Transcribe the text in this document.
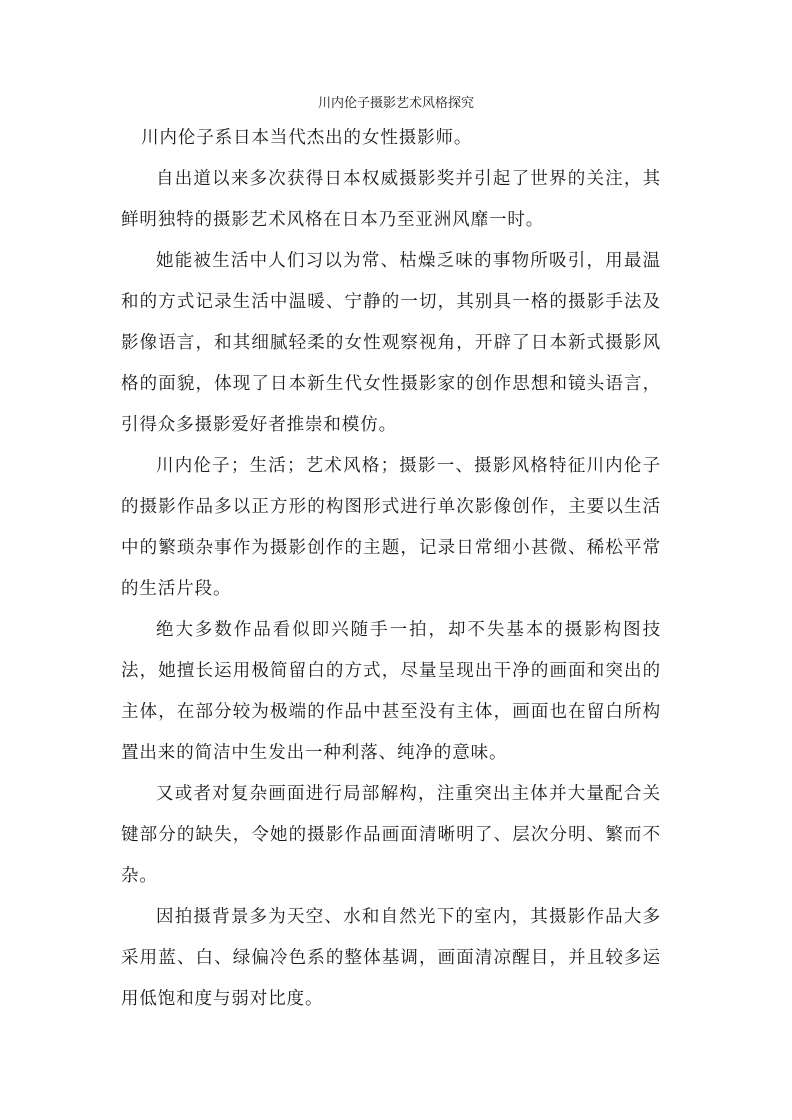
川内伦子摄影艺术风格探究

川内伦子系日本当代杰出的女性摄影师。

自出道以来多次获得日本权威摄影奖并引起了世界的关注，其鲜明独特的摄影艺术风格在日本乃至亚洲风靡一时。

她能被生活中人们习以为常、枯燥乏味的事物所吸引，用最温和的方式记录生活中温暖、宁静的一切，其别具一格的摄影手法及影像语言，和其细腻轻柔的女性观察视角，开辟了日本新式摄影风格的面貌，体现了日本新生代女性摄影家的创作思想和镜头语言，引得众多摄影爱好者推崇和模仿。

川内伦子；生活；艺术风格；摄影一、摄影风格特征川内伦子的摄影作品多以正方形的构图形式进行单次影像创作，主要以生活中的繁琐杂事作为摄影创作的主题，记录日常细小甚微、稀松平常的生活片段。

绝大多数作品看似即兴随手一拍，却不失基本的摄影构图技法，她擅长运用极简留白的方式，尽量呈现出干净的画面和突出的主体，在部分较为极端的作品中甚至没有主体，画面也在留白所构置出来的简洁中生发出一种利落、纯净的意味。

又或者对复杂画面进行局部解构，注重突出主体并大量配合关键部分的缺失，令她的摄影作品画面清晰明了、层次分明、繁而不杂。

因拍摄背景多为天空、水和自然光下的室内，其摄影作品大多采用蓝、白、绿偏冷色系的整体基调，画面清凉醒目，并且较多运用低饱和度与弱对比度。
